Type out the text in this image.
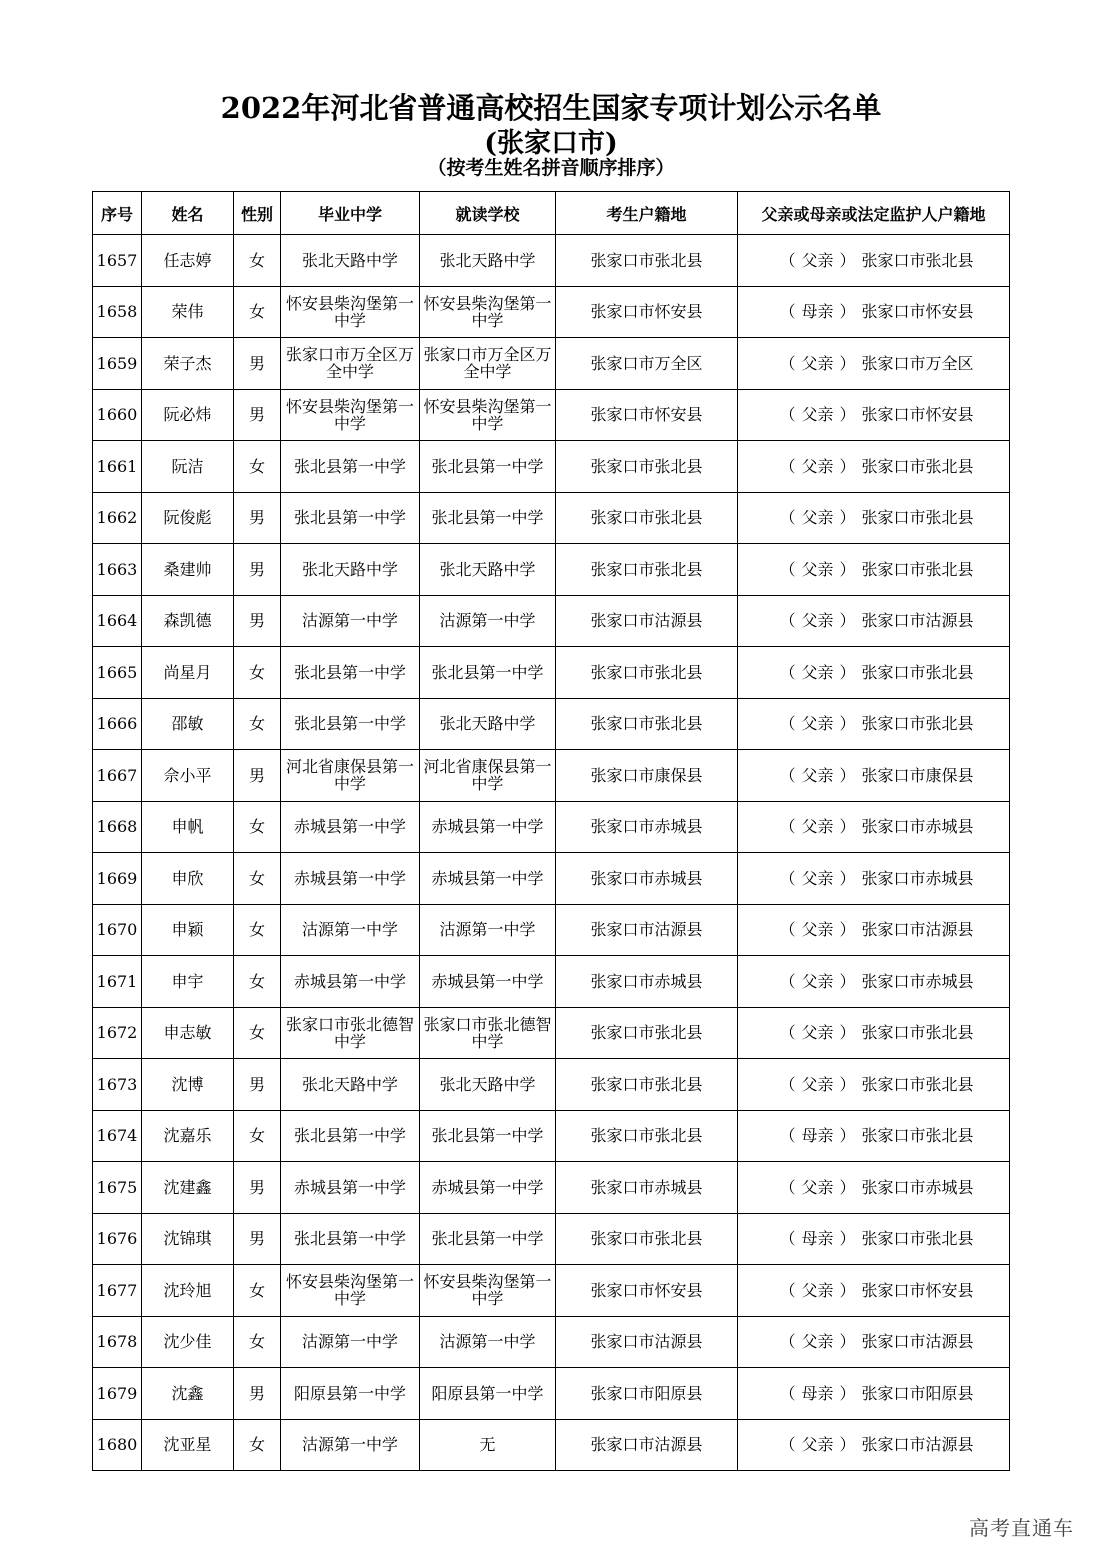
2022年河北省普通高校招生国家专项计划公示名单
(张家口市)
（按考生姓名拼音顺序排序）
序号	姓名	性别	毕业中学	就读学校	考生户籍地	父亲或母亲或法定监护人户籍地
1657	任志婷	女	张北天路中学	张北天路中学	张家口市张北县	（ 父亲 ） 张家口市张北县
1658	荣伟	女	怀安县柴沟堡第一中学	怀安县柴沟堡第一中学	张家口市怀安县	（ 母亲 ） 张家口市怀安县
1659	荣子杰	男	张家口市万全区万全中学	张家口市万全区万全中学	张家口市万全区	（ 父亲 ） 张家口市万全区
1660	阮必炜	男	怀安县柴沟堡第一中学	怀安县柴沟堡第一中学	张家口市怀安县	（ 父亲 ） 张家口市怀安县
1661	阮洁	女	张北县第一中学	张北县第一中学	张家口市张北县	（ 父亲 ） 张家口市张北县
1662	阮俊彪	男	张北县第一中学	张北县第一中学	张家口市张北县	（ 父亲 ） 张家口市张北县
1663	桑建帅	男	张北天路中学	张北天路中学	张家口市张北县	（ 父亲 ） 张家口市张北县
1664	森凯德	男	沽源第一中学	沽源第一中学	张家口市沽源县	（ 父亲 ） 张家口市沽源县
1665	尚星月	女	张北县第一中学	张北县第一中学	张家口市张北县	（ 父亲 ） 张家口市张北县
1666	邵敏	女	张北县第一中学	张北天路中学	张家口市张北县	（ 父亲 ） 张家口市张北县
1667	佘小平	男	河北省康保县第一中学	河北省康保县第一中学	张家口市康保县	（ 父亲 ） 张家口市康保县
1668	申帆	女	赤城县第一中学	赤城县第一中学	张家口市赤城县	（ 父亲 ） 张家口市赤城县
1669	申欣	女	赤城县第一中学	赤城县第一中学	张家口市赤城县	（ 父亲 ） 张家口市赤城县
1670	申颖	女	沽源第一中学	沽源第一中学	张家口市沽源县	（ 父亲 ） 张家口市沽源县
1671	申宇	女	赤城县第一中学	赤城县第一中学	张家口市赤城县	（ 父亲 ） 张家口市赤城县
1672	申志敏	女	张家口市张北德智中学	张家口市张北德智中学	张家口市张北县	（ 父亲 ） 张家口市张北县
1673	沈博	男	张北天路中学	张北天路中学	张家口市张北县	（ 父亲 ） 张家口市张北县
1674	沈嘉乐	女	张北县第一中学	张北县第一中学	张家口市张北县	（ 母亲 ） 张家口市张北县
1675	沈建鑫	男	赤城县第一中学	赤城县第一中学	张家口市赤城县	（ 父亲 ） 张家口市赤城县
1676	沈锦琪	男	张北县第一中学	张北县第一中学	张家口市张北县	（ 母亲 ） 张家口市张北县
1677	沈玲旭	女	怀安县柴沟堡第一中学	怀安县柴沟堡第一中学	张家口市怀安县	（ 父亲 ） 张家口市怀安县
1678	沈少佳	女	沽源第一中学	沽源第一中学	张家口市沽源县	（ 父亲 ） 张家口市沽源县
1679	沈鑫	男	阳原县第一中学	阳原县第一中学	张家口市阳原县	（ 母亲 ） 张家口市阳原县
1680	沈亚星	女	沽源第一中学	无	张家口市沽源县	（ 父亲 ） 张家口市沽源县
高考直通车
